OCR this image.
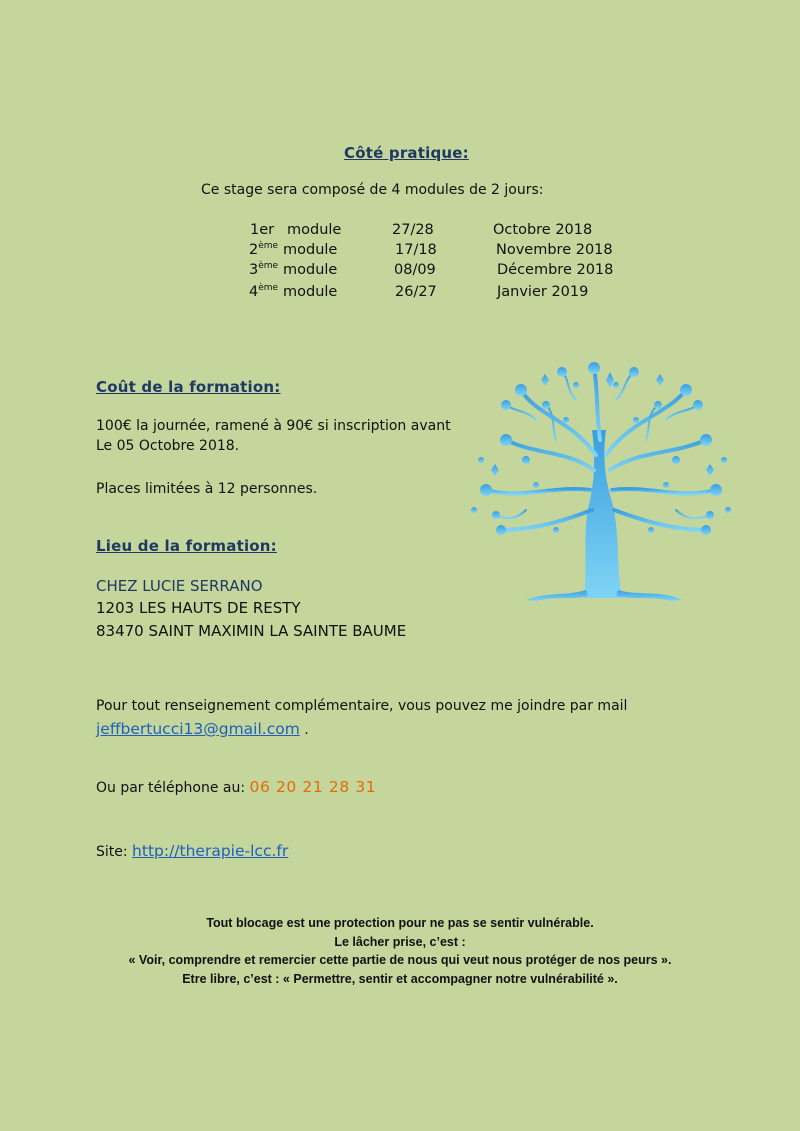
Côté pratique:
Ce stage sera composé de 4 modules de 2 jours:
1er module	27/28	Octobre 2018
2ème module	17/18	Novembre 2018
3ème module	08/09	Décembre 2018
4ème module	26/27	Janvier 2019
Coût de la formation:
100€ la journée, ramené à 90€ si inscription avant
Le 05 Octobre 2018.
Places limitées à 12 personnes.
Lieu de la formation:
CHEZ LUCIE SERRANO
1203 LES HAUTS DE RESTY
83470 SAINT MAXIMIN LA SAINTE BAUME
Pour tout renseignement complémentaire, vous pouvez me joindre par mail
jeffbertucci13@gmail.com .
Ou par téléphone au: 06 20 21 28 31
Site: http://therapie-lcc.fr
Tout blocage est une protection pour ne pas se sentir vulnérable.
Le lâcher prise, c’est :
« Voir, comprendre et remercier cette partie de nous qui veut nous protéger de nos peurs ».
Etre libre, c’est : « Permettre, sentir et accompagner notre vulnérabilité ».
